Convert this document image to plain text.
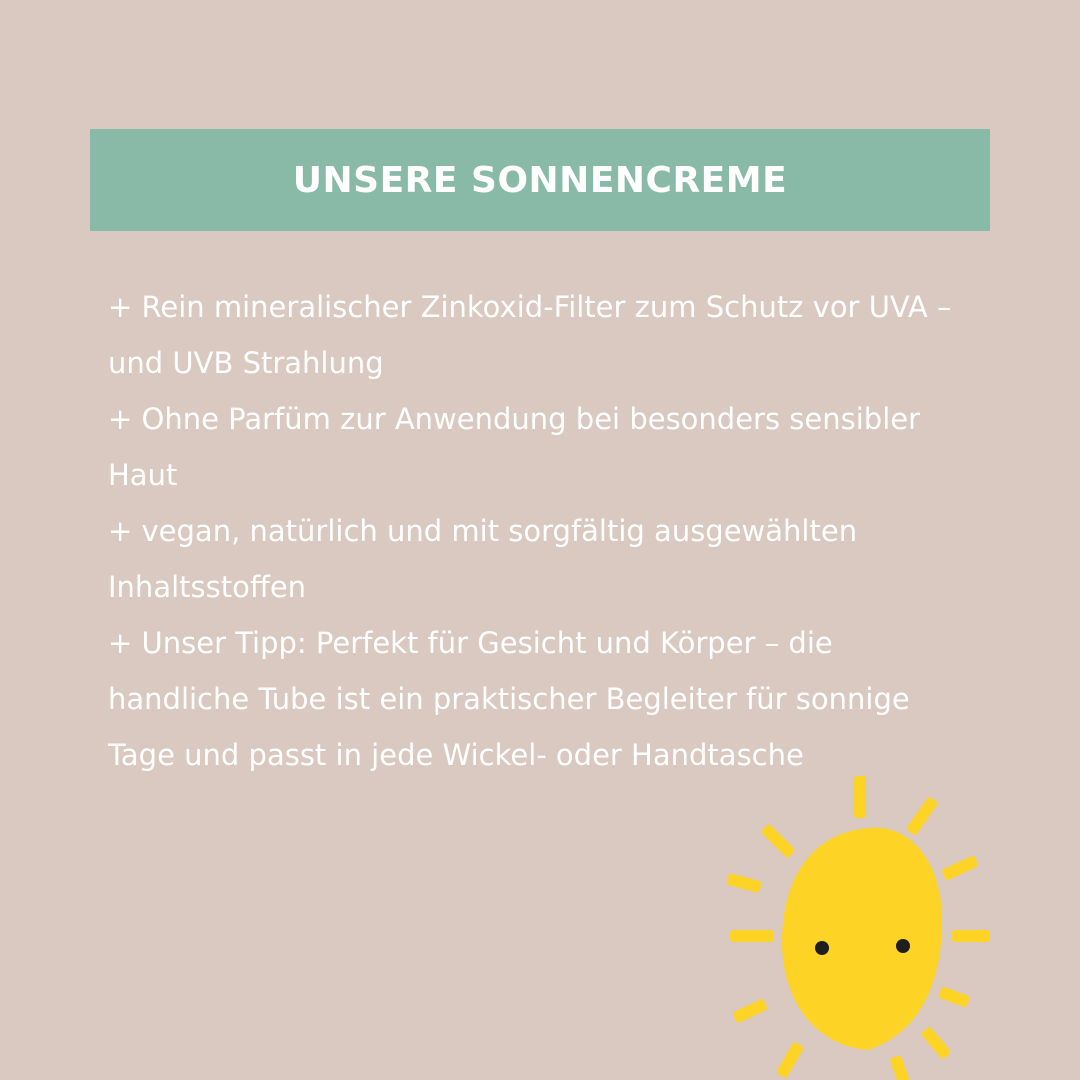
UNSERE SONNENCREME
+ Rein mineralischer Zinkoxid-Filter zum Schutz vor UVA – und UVB Strahlung
+ Ohne Parfüm zur Anwendung bei besonders sensibler Haut
+ vegan, natürlich und mit sorgfältig ausgewählten Inhaltsstoffen
+ Unser Tipp: Perfekt für Gesicht und Körper – die handliche Tube ist ein praktischer Begleiter für sonnige Tage und passt in jede Wickel- oder Handtasche
